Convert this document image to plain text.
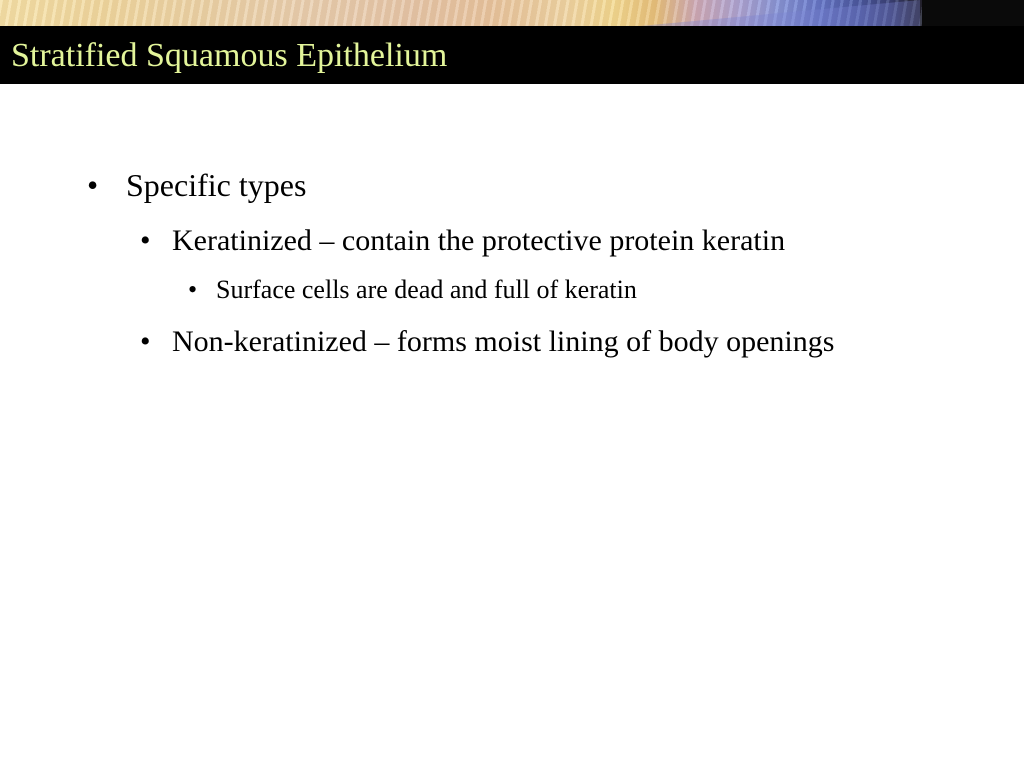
Stratified Squamous Epithelium
• Specific types
• Keratinized – contain the protective protein keratin
• Surface cells are dead and full of keratin
• Non-keratinized – forms moist lining of body openings
